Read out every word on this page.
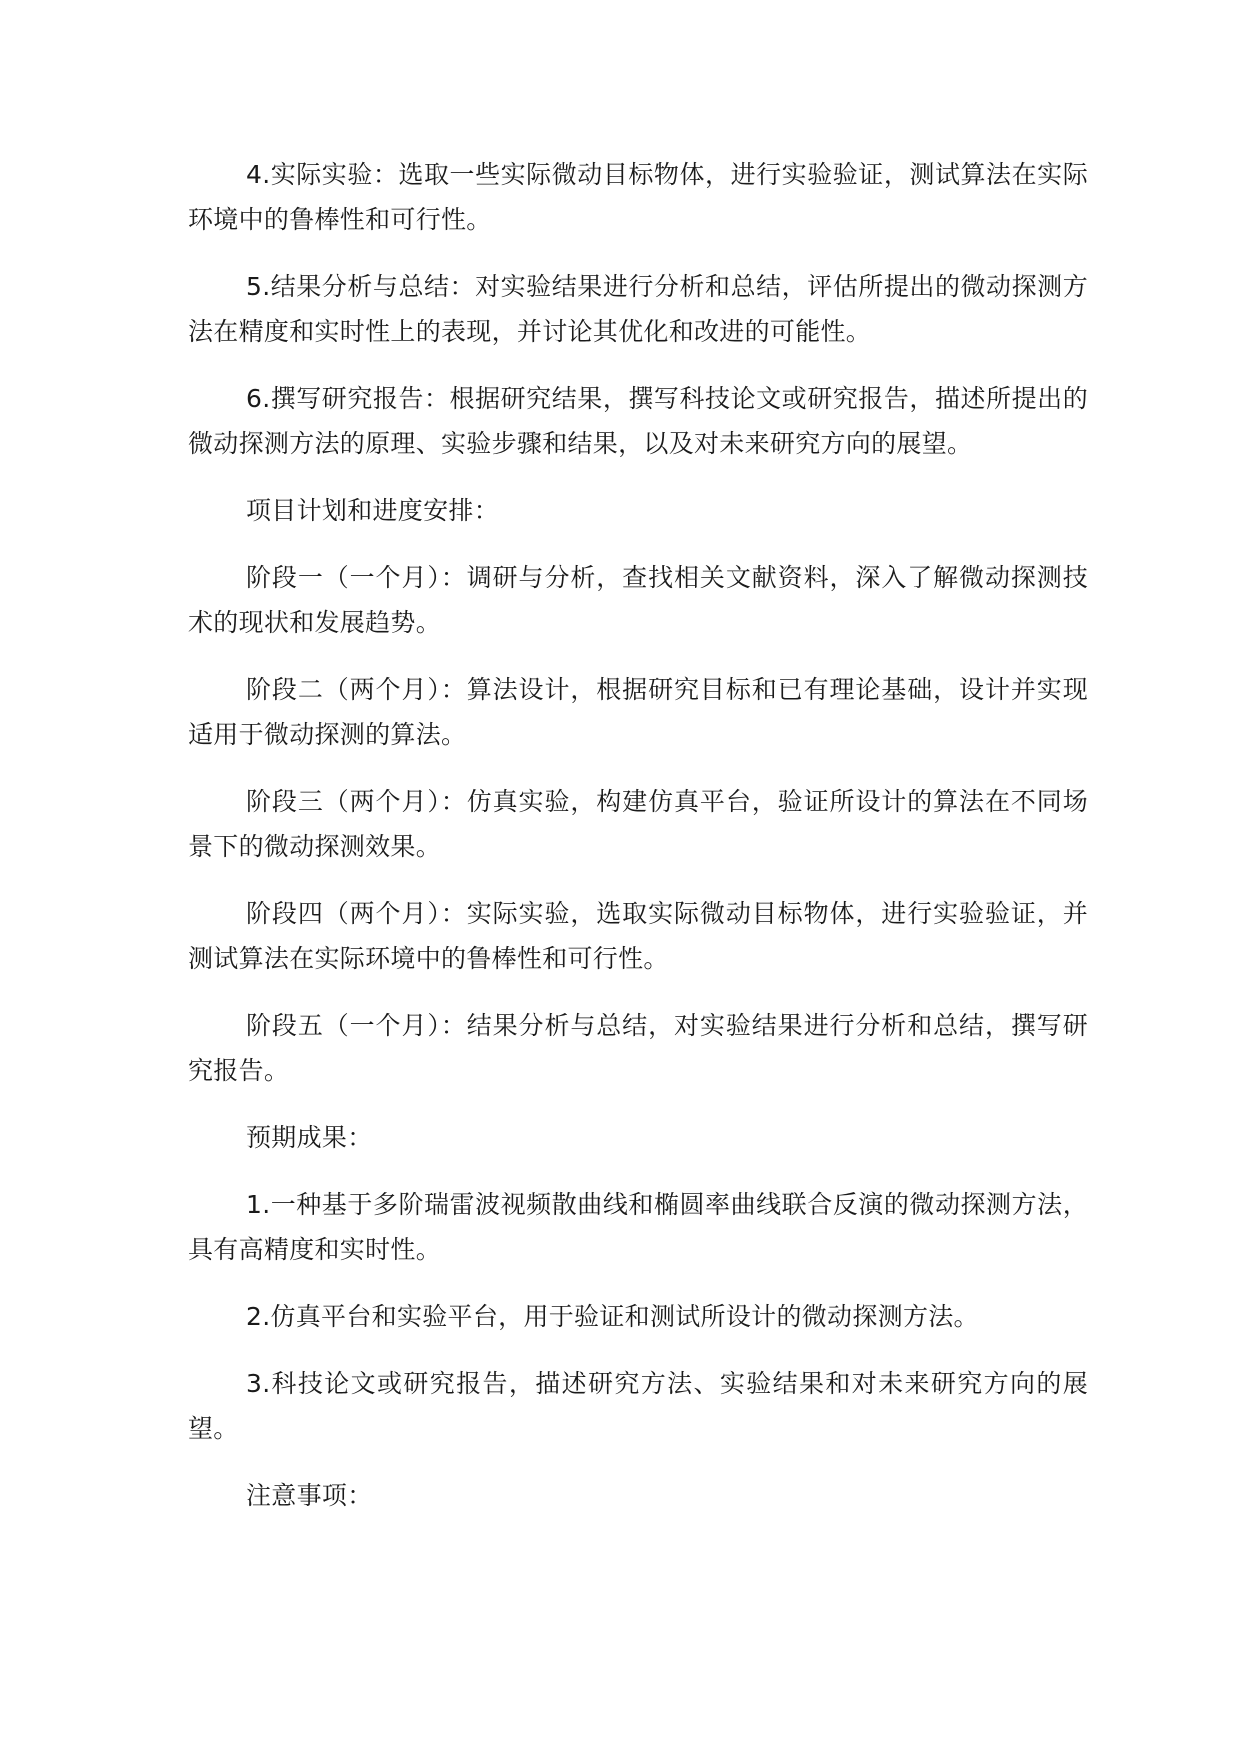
4.实际实验：选取一些实际微动目标物体，进行实验验证，测试算法在实际环境中的鲁棒性和可行性。

5.结果分析与总结：对实验结果进行分析和总结，评估所提出的微动探测方法在精度和实时性上的表现，并讨论其优化和改进的可能性。

6.撰写研究报告：根据研究结果，撰写科技论文或研究报告，描述所提出的微动探测方法的原理、实验步骤和结果，以及对未来研究方向的展望。

项目计划和进度安排：

阶段一（一个月）：调研与分析，查找相关文献资料，深入了解微动探测技术的现状和发展趋势。

阶段二（两个月）：算法设计，根据研究目标和已有理论基础，设计并实现适用于微动探测的算法。

阶段三（两个月）：仿真实验，构建仿真平台，验证所设计的算法在不同场景下的微动探测效果。

阶段四（两个月）：实际实验，选取实际微动目标物体，进行实验验证，并测试算法在实际环境中的鲁棒性和可行性。

阶段五（一个月）：结果分析与总结，对实验结果进行分析和总结，撰写研究报告。

预期成果：

1.一种基于多阶瑞雷波视频散曲线和椭圆率曲线联合反演的微动探测方法，具有高精度和实时性。

2.仿真平台和实验平台，用于验证和测试所设计的微动探测方法。

3.科技论文或研究报告，描述研究方法、实验结果和对未来研究方向的展望。

注意事项：
